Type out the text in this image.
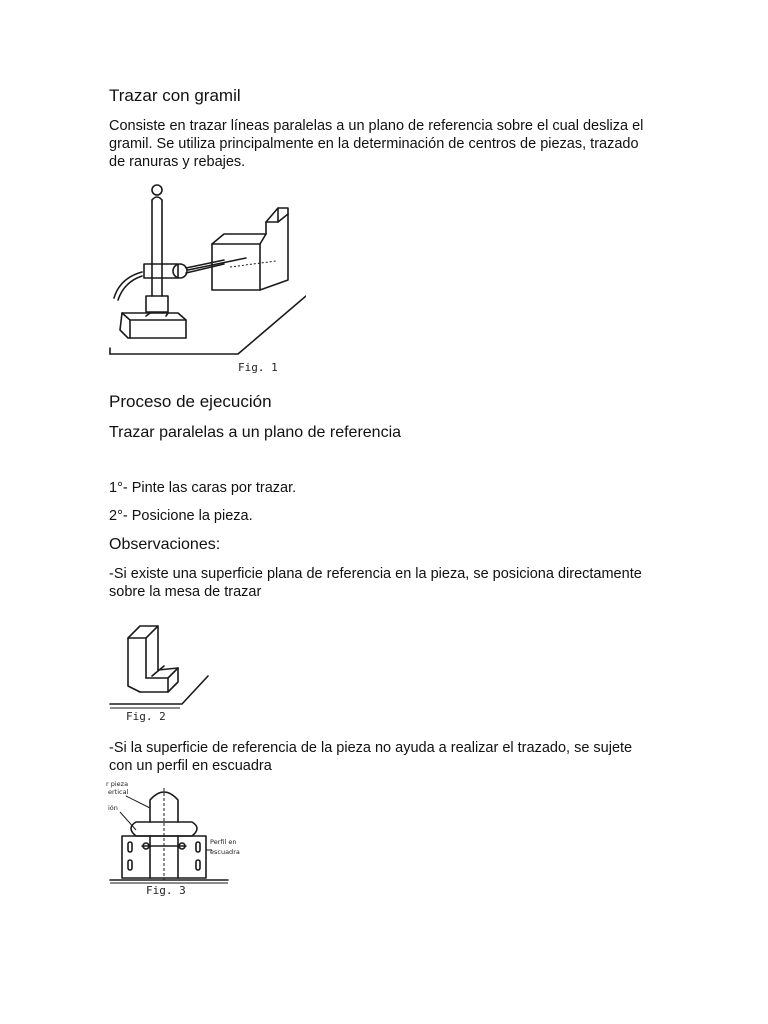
Trazar con gramil

Consiste en trazar líneas paralelas a un plano de referencia sobre el cual desliza el gramil. Se utiliza principalmente en la determinación de centros de piezas, trazado de ranuras y rebajes.

Fig. 1
Proceso de ejecución
Trazar paralelas a un plano de referencia
1°- Pinte las caras por trazar.
2°- Posicione la pieza.
Observaciones:

-Si existe una superficie plana de referencia en la pieza, se posiciona directamente sobre la mesa de trazar

Fig. 2

-Si la superficie de referencia de la pieza no ayuda a realizar el trazado, se sujete con un perfil en escuadra

r pieza
ertical
ión
Perfil en
escuadra
Fig. 3
